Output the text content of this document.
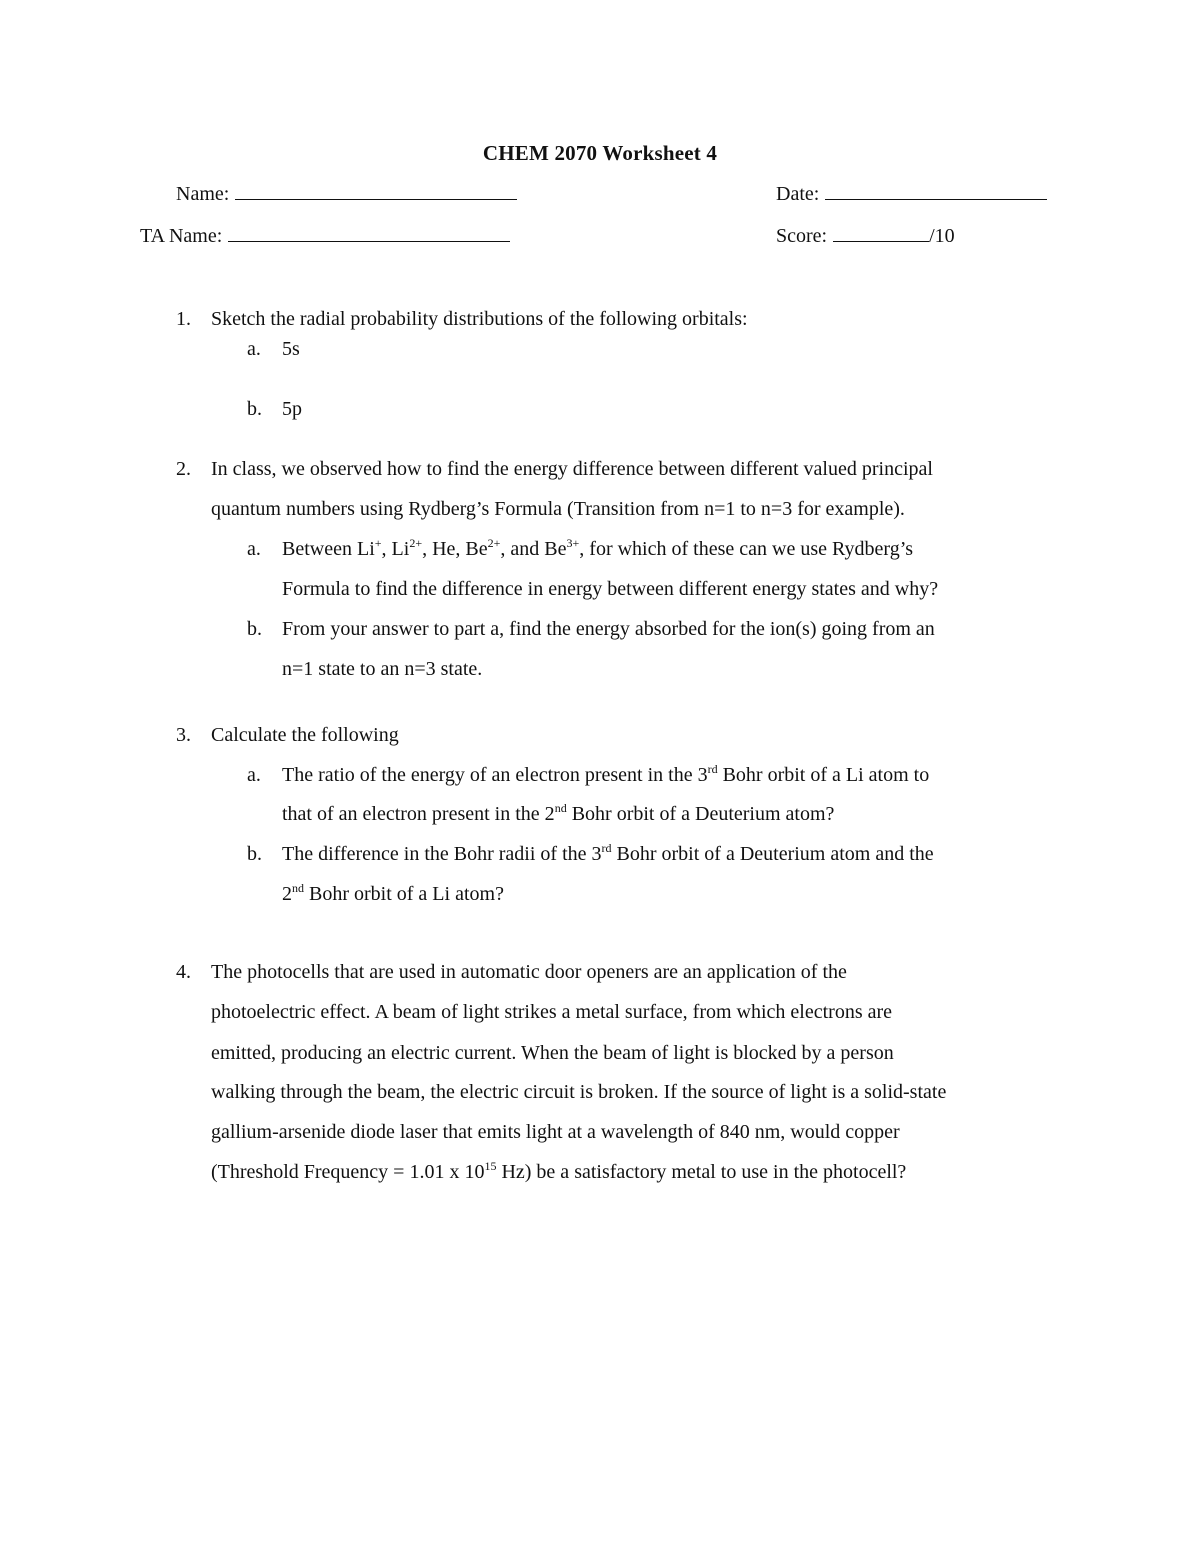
CHEM 2070 Worksheet 4
Name:	Date:
TA Name:	Score:	/10
1. Sketch the radial probability distributions of the following orbitals:
a. 5s
b. 5p
2. In class, we observed how to find the energy difference between different valued principal
quantum numbers using Rydberg’s Formula (Transition from n=1 to n=3 for example).
a. Between Li+, $Li^{2+}$, He, $Be^{2+}$, and $Be^{3+}$, for which of these can we use Rydberg’s
Formula to find the difference in energy between different energy states and why?
b. From your answer to part a, find the energy absorbed for the ion(s) going from an
n=1 state to an n=3 state.
3. Calculate the following
a. The ratio of the energy of an electron present in the 3rd Bohr orbit of a Li atom to
that of an electron present in the 2nd Bohr orbit of a Deuterium atom?
b. The difference in the Bohr radii of the 3rd Bohr orbit of a Deuterium atom and the
2nd Bohr orbit of a Li atom?
4. The photocells that are used in automatic door openers are an application of the
photoelectric effect. A beam of light strikes a metal surface, from which electrons are
emitted, producing an electric current. When the beam of light is blocked by a person
walking through the beam, the electric circuit is broken. If the source of light is a solid-state
gallium-arsenide diode laser that emits light at a wavelength of 840 nm, would copper
(Threshold Frequency = 1.01 x $10^{15}$ Hz) be a satisfactory metal to use in the photocell?
